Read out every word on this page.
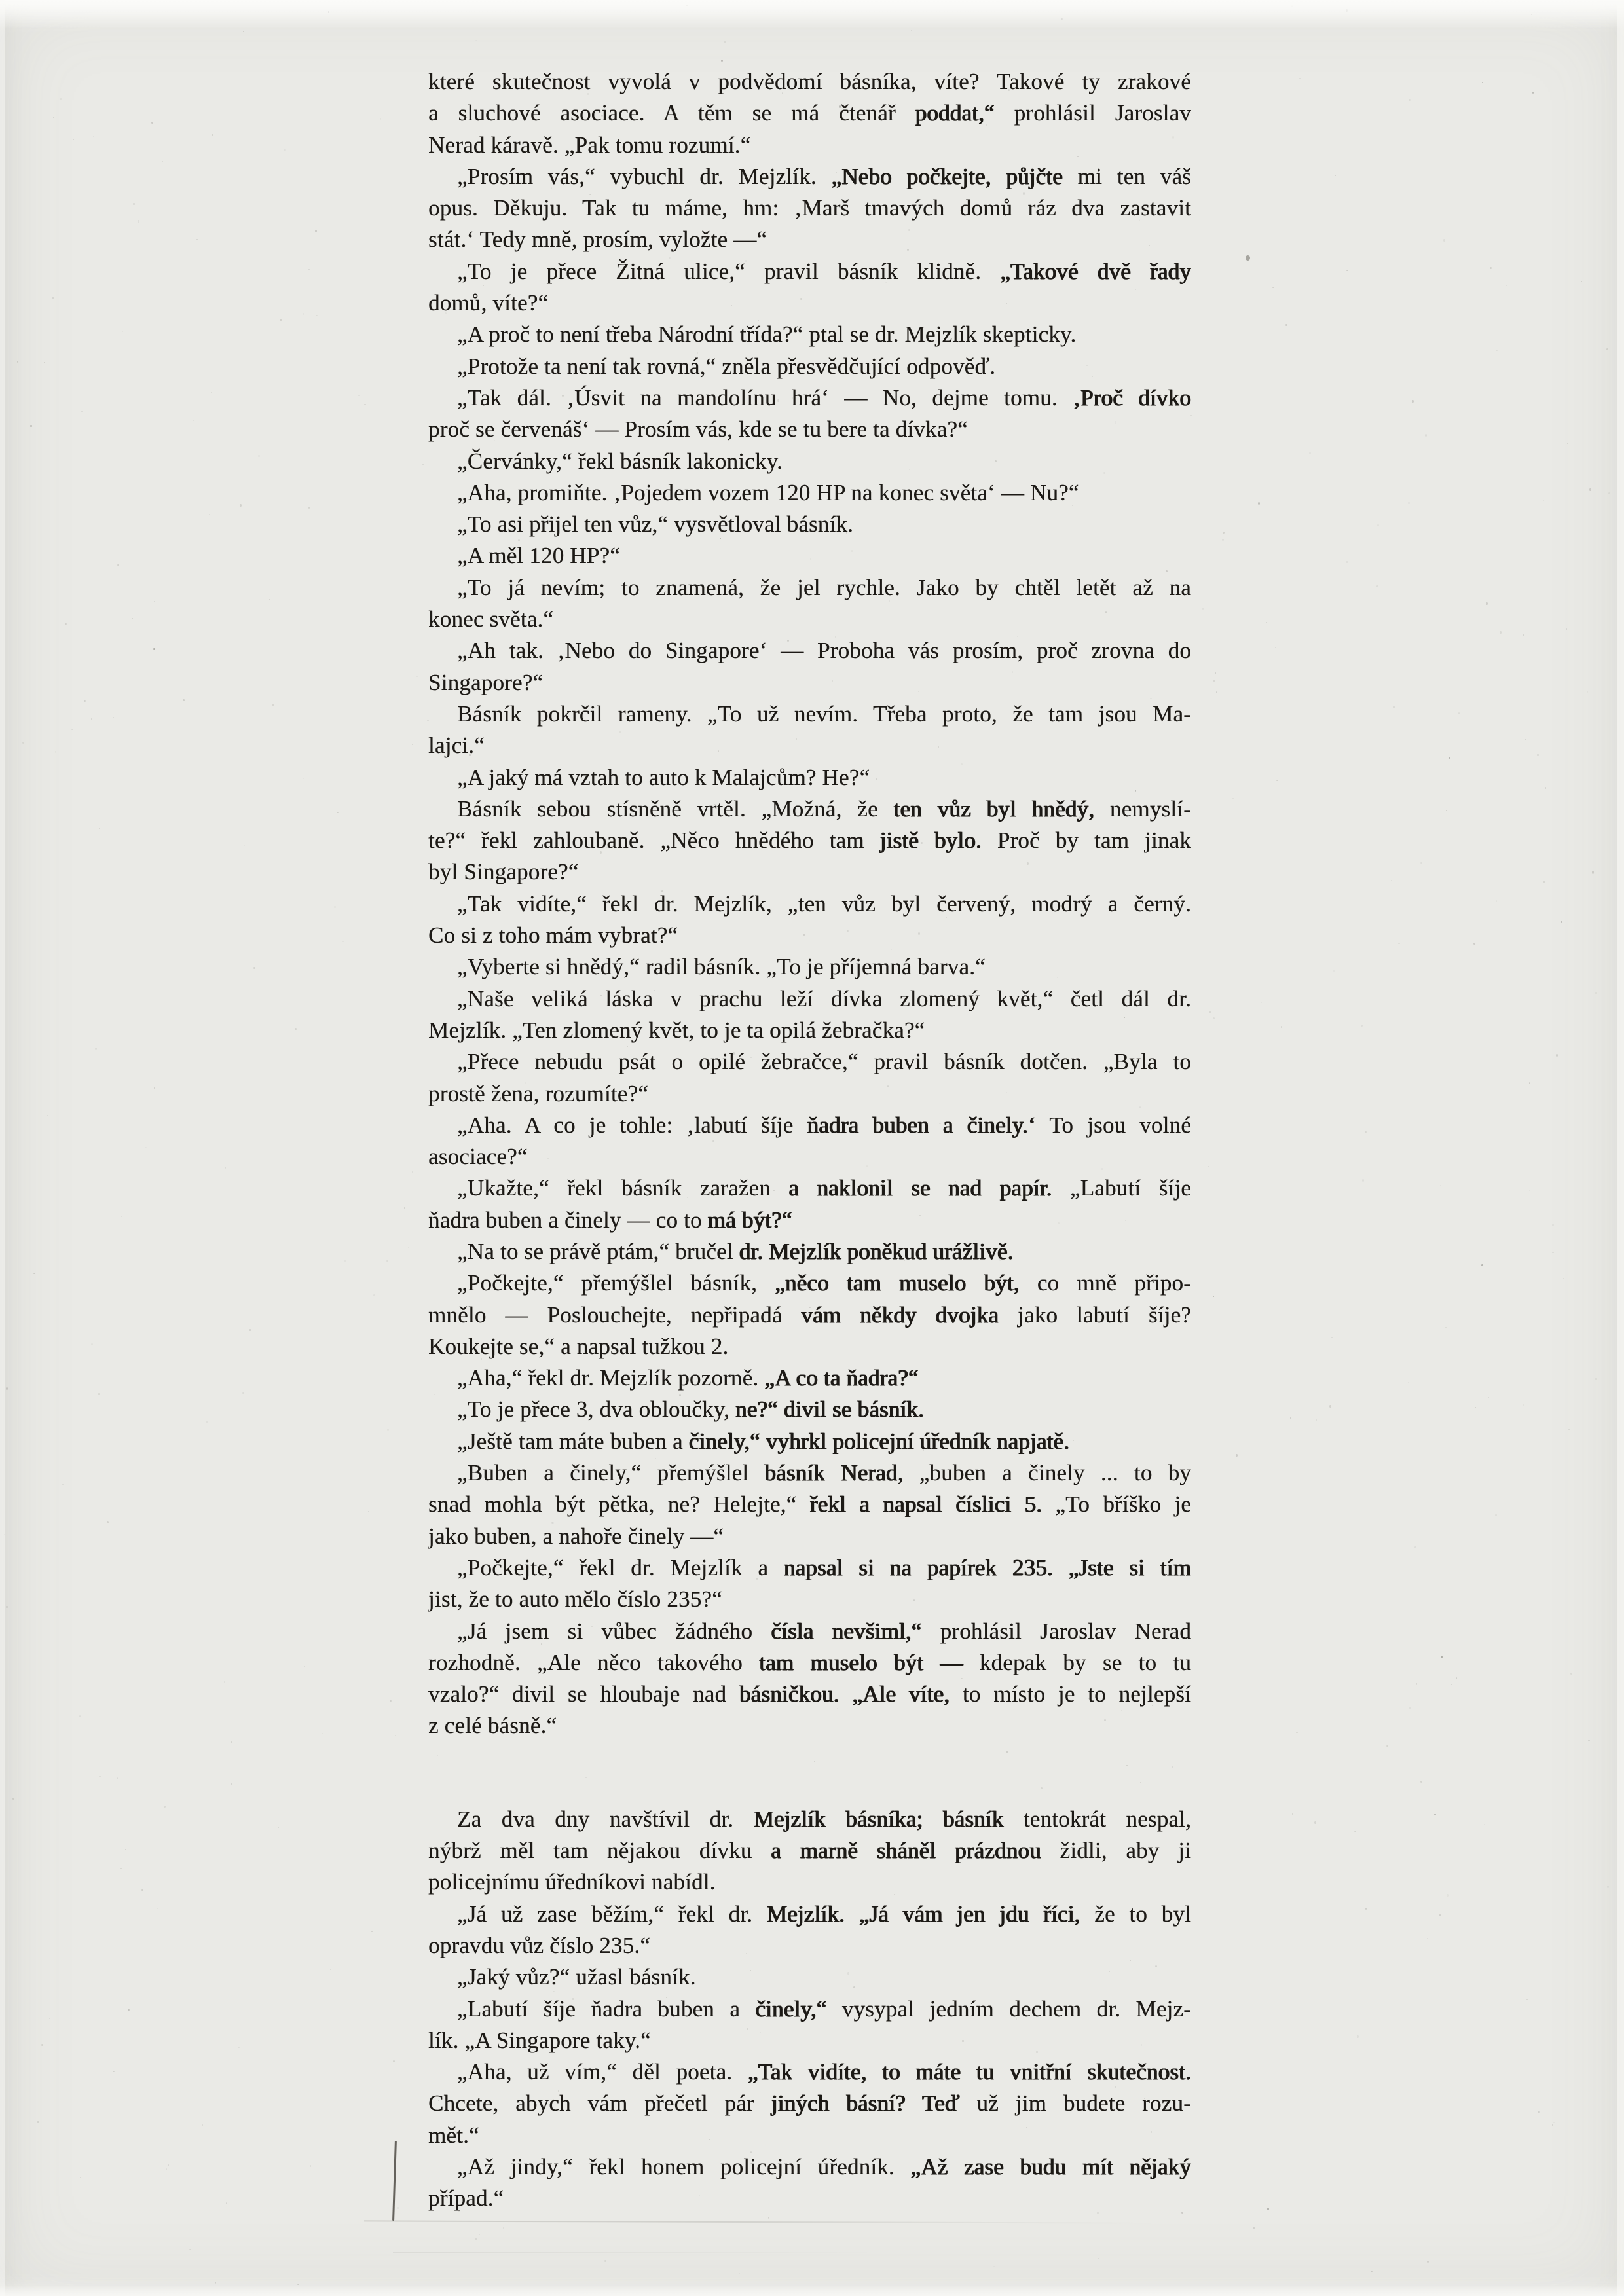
které skutečnost vyvolá v podvědomí básníka, víte? Takové ty zrakové
a sluchové asociace. A těm se má čtenář poddat,“ prohlásil Jaroslav
Nerad káravě. „Pak tomu rozumí.“
„Prosím vás,“ vybuchl dr. Mejzlík. „Nebo počkejte, půjčte mi ten váš
opus. Děkuju. Tak tu máme, hm: ‚Marš tmavých domů ráz dva zastavit
stát.‘ Tedy mně, prosím, vyložte —“
„To je přece Žitná ulice,“ pravil básník klidně. „Takové dvě řady
domů, víte?“
„A proč to není třeba Národní třída?“ ptal se dr. Mejzlík skepticky.
„Protože ta není tak rovná,“ zněla přesvědčující odpověď.
„Tak dál. ‚Úsvit na mandolínu hrá‘ — No, dejme tomu. ‚Proč dívko
proč se červenáš‘ — Prosím vás, kde se tu bere ta dívka?“
„Červánky,“ řekl básník lakonicky.
„Aha, promiňte. ‚Pojedem vozem 120 HP na konec světa‘ — Nu?“
„To asi přijel ten vůz,“ vysvětloval básník.
„A měl 120 HP?“
„To já nevím; to znamená, že jel rychle. Jako by chtěl letět až na
konec světa.“
„Ah tak. ‚Nebo do Singapore‘ — Proboha vás prosím, proč zrovna do
Singapore?“
Básník pokrčil rameny. „To už nevím. Třeba proto, že tam jsou Ma-
lajci.“
„A jaký má vztah to auto k Malajcům? He?“
Básník sebou stísněně vrtěl. „Možná, že ten vůz byl hnědý, nemyslí-
te?“ řekl zahloubaně. „Něco hnědého tam jistě bylo. Proč by tam jinak
byl Singapore?“
„Tak vidíte,“ řekl dr. Mejzlík, „ten vůz byl červený, modrý a černý.
Co si z toho mám vybrat?“
„Vyberte si hnědý,“ radil básník. „To je příjemná barva.“
„Naše veliká láska v prachu leží dívka zlomený květ,“ četl dál dr.
Mejzlík. „Ten zlomený květ, to je ta opilá žebračka?“
„Přece nebudu psát o opilé žebračce,“ pravil básník dotčen. „Byla to
prostě žena, rozumíte?“
„Aha. A co je tohle: ‚labutí šíje ňadra buben a činely.‘ To jsou volné
asociace?“
„Ukažte,“ řekl básník zaražen a naklonil se nad papír. „Labutí šíje
ňadra buben a činely — co to má být?“
„Na to se právě ptám,“ bručel dr. Mejzlík poněkud urážlivě.
„Počkejte,“ přemýšlel básník, „něco tam muselo být, co mně připo-
mnělo — Poslouchejte, nepřipadá vám někdy dvojka jako labutí šíje?
Koukejte se,“ a napsal tužkou 2.
„Aha,“ řekl dr. Mejzlík pozorně. „A co ta ňadra?“
„To je přece 3, dva obloučky, ne?“ divil se básník.
„Ještě tam máte buben a činely,“ vyhrkl policejní úředník napjatě.
„Buben a činely,“ přemýšlel básník Nerad, „buben a činely ... to by
snad mohla být pětka, ne? Helejte,“ řekl a napsal číslici 5. „To bříško je
jako buben, a nahoře činely —“
„Počkejte,“ řekl dr. Mejzlík a napsal si na papírek 235. „Jste si tím
jist, že to auto mělo číslo 235?“
„Já jsem si vůbec žádného čísla nevšiml,“ prohlásil Jaroslav Nerad
rozhodně. „Ale něco takového tam muselo být — kdepak by se to tu
vzalo?“ divil se hloubaje nad básničkou. „Ale víte, to místo je to nejlepší
z celé básně.“
Za dva dny navštívil dr. Mejzlík básníka; básník tentokrát nespal,
nýbrž měl tam nějakou dívku a marně sháněl prázdnou židli, aby ji
policejnímu úředníkovi nabídl.
„Já už zase běžím,“ řekl dr. Mejzlík. „Já vám jen jdu říci, že to byl
opravdu vůz číslo 235.“
„Jaký vůz?“ užasl básník.
„Labutí šíje ňadra buben a činely,“ vysypal jedním dechem dr. Mejz-
lík. „A Singapore taky.“
„Aha, už vím,“ děl poeta. „Tak vidíte, to máte tu vnitřní skutečnost.
Chcete, abych vám přečetl pár jiných básní? Teď už jim budete rozu-
mět.“
„Až jindy,“ řekl honem policejní úředník. „Až zase budu mít nějaký
případ.“
